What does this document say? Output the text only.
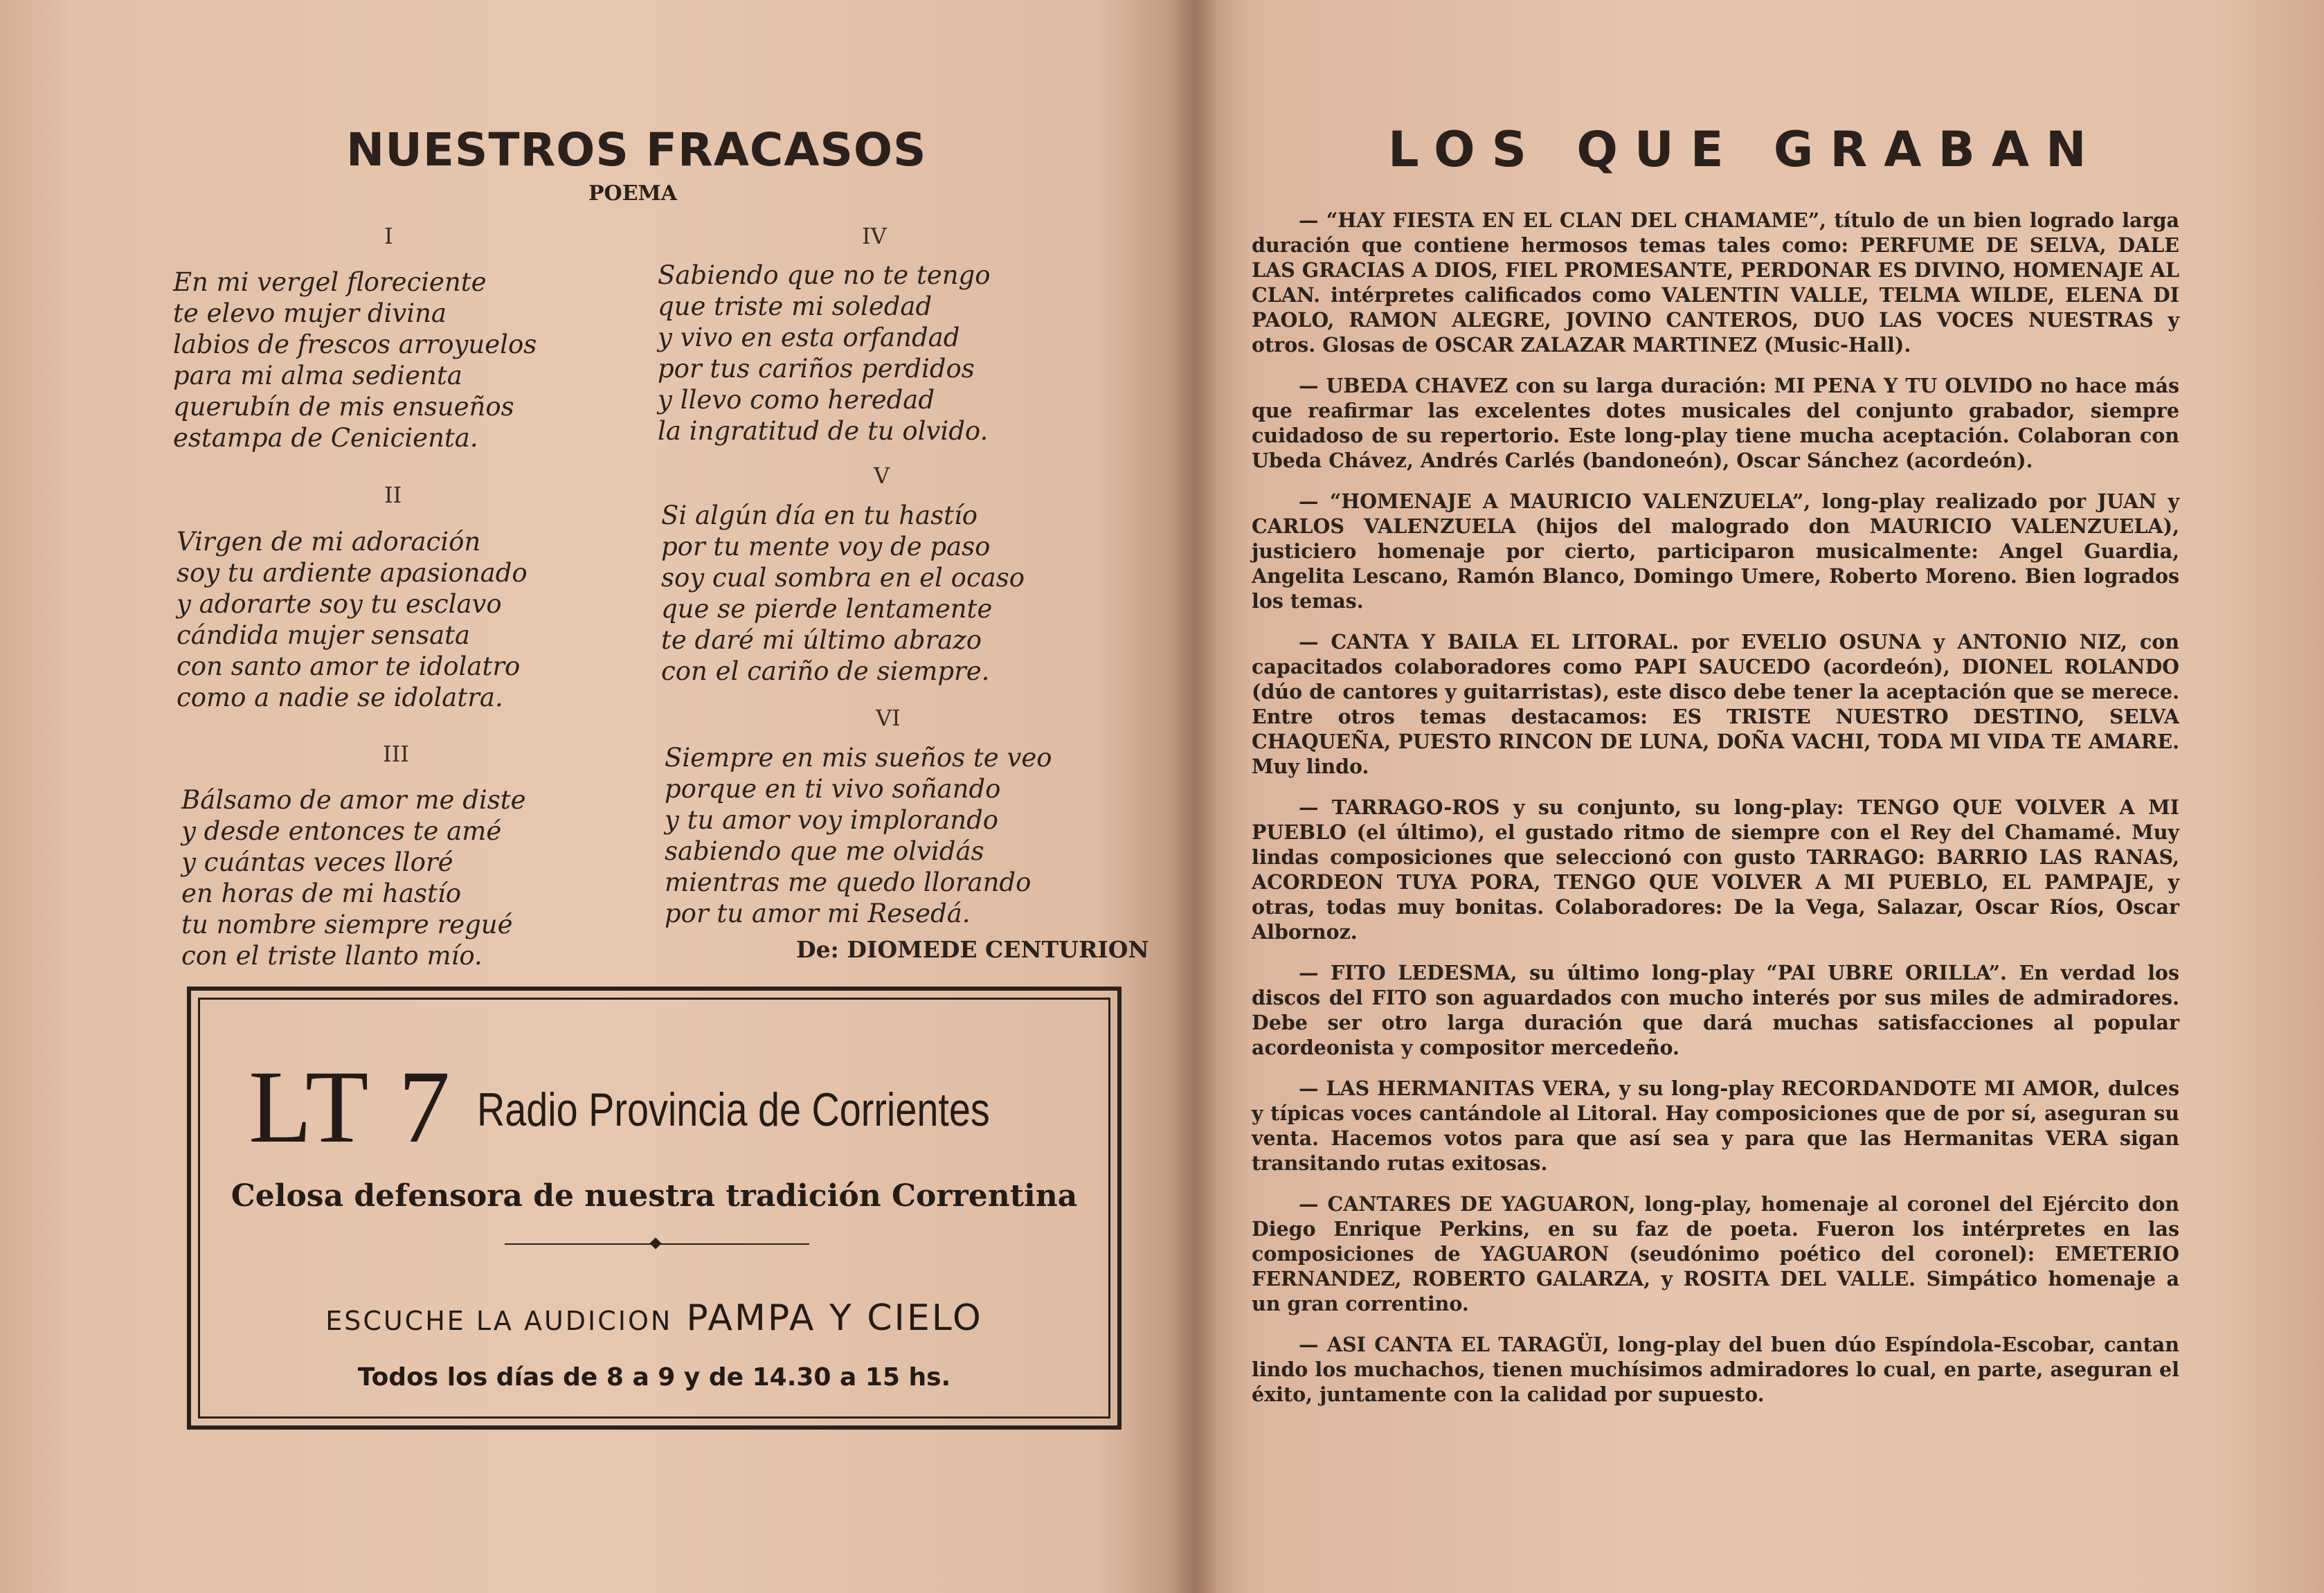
NUESTROS FRACASOS
POEMA
I
En mi vergel floreciente
te elevo mujer divina
labios de frescos arroyuelos
para mi alma sedienta
querubín de mis ensueños
estampa de Cenicienta.
II
Virgen de mi adoración
soy tu ardiente apasionado
y adorarte soy tu esclavo
cándida mujer sensata
con santo amor te idolatro
como a nadie se idolatra.
III
Bálsamo de amor me diste
y desde entonces te amé
y cuántas veces lloré
en horas de mi hastío
tu nombre siempre regué
con el triste llanto mío.
IV
Sabiendo que no te tengo
que triste mi soledad
y vivo en esta orfandad
por tus cariños perdidos
y llevo como heredad
la ingratitud de tu olvido.
V
Si algún día en tu hastío
por tu mente voy de paso
soy cual sombra en el ocaso
que se pierde lentamente
te daré mi último abrazo
con el cariño de siempre.
VI
Siempre en mis sueños te veo
porque en ti vivo soñando
y tu amor voy implorando
sabiendo que me olvidás
mientras me quedo llorando
por tu amor mi Resedá.
De: DIOMEDE CENTURION
LT 7 Radio Provincia de Corrientes
Celosa defensora de nuestra tradición Correntina
ESCUCHE LA AUDICION PAMPA Y CIELO
Todos los días de 8 a 9 y de 14.30 a 15 hs.
LOS QUE GRABAN

— “HAY FIESTA EN EL CLAN DEL CHAMAME”, título de un bien logrado larga duración que contiene hermosos temas tales como: PERFUME DE SELVA, DALE LAS GRACIAS A DIOS, FIEL PROMESANTE, PERDONAR ES DIVINO, HOMENAJE AL CLAN. intérpretes calificados como VALENTIN VALLE, TELMA WILDE, ELENA DI PAOLO, RAMON ALEGRE, JOVINO CANTEROS, DUO LAS VOCES NUESTRAS y otros. Glosas de OSCAR ZALAZAR MARTINEZ (Music-Hall).

— UBEDA CHAVEZ con su larga duración: MI PENA Y TU OLVIDO no hace más que reafirmar las excelentes dotes musicales del conjunto grabador, siempre cuidadoso de su repertorio. Este long-play tiene mucha aceptación. Colaboran con Ubeda Chávez, Andrés Carlés (bandoneón), Oscar Sánchez (acordeón).

— “HOMENAJE A MAURICIO VALENZUELA”, long-play realizado por JUAN y CARLOS VALENZUELA (hijos del malogrado don MAURICIO VALENZUELA), justiciero homenaje por cierto, participaron musicalmente: Angel Guardia, Angelita Lescano, Ramón Blanco, Domingo Umere, Roberto Moreno. Bien logrados los temas.

— CANTA Y BAILA EL LITORAL. por EVELIO OSUNA y ANTONIO NIZ, con capacitados colaboradores como PAPI SAUCEDO (acordeón), DIONEL ROLANDO (dúo de cantores y guitarristas), este disco debe tener la aceptación que se merece. Entre otros temas destacamos: ES TRISTE NUESTRO DESTINO, SELVA CHAQUEÑA, PUESTO RINCON DE LUNA, DOÑA VACHI, TODA MI VIDA TE AMARE. Muy lindo.

— TARRAGO-ROS y su conjunto, su long-play: TENGO QUE VOLVER A MI PUEBLO (el último), el gustado ritmo de siempre con el Rey del Chamamé. Muy lindas composiciones que seleccionó con gusto TARRAGO: BARRIO LAS RANAS, ACORDEON TUYA PORA, TENGO QUE VOLVER A MI PUEBLO, EL PAMPAJE, y otras, todas muy bonitas. Colaboradores: De la Vega, Salazar, Oscar Ríos, Oscar Albornoz.

— FITO LEDESMA, su último long-play “PAI UBRE ORILLA”. En verdad los discos del FITO son aguardados con mucho interés por sus miles de admiradores. Debe ser otro larga duración que dará muchas satisfacciones al popular acordeonista y compositor mercedeño.

— LAS HERMANITAS VERA, y su long-play RECORDANDOTE MI AMOR, dulces y típicas voces cantándole al Litoral. Hay composiciones que de por sí, aseguran su venta. Hacemos votos para que así sea y para que las Hermanitas VERA sigan transitando rutas exitosas.

— CANTARES DE YAGUARON, long-play, homenaje al coronel del Ejército don Diego Enrique Perkins, en su faz de poeta. Fueron los intérpretes en las composiciones de YAGUARON (seudónimo poético del coronel): EMETERIO FERNANDEZ, ROBERTO GALARZA, y ROSITA DEL VALLE. Simpático homenaje a un gran correntino.

— ASI CANTA EL TARAGÜI, long-play del buen dúo Espíndola-Escobar, cantan lindo los muchachos, tienen muchísimos admiradores lo cual, en parte, aseguran el éxito, juntamente con la calidad por supuesto.
